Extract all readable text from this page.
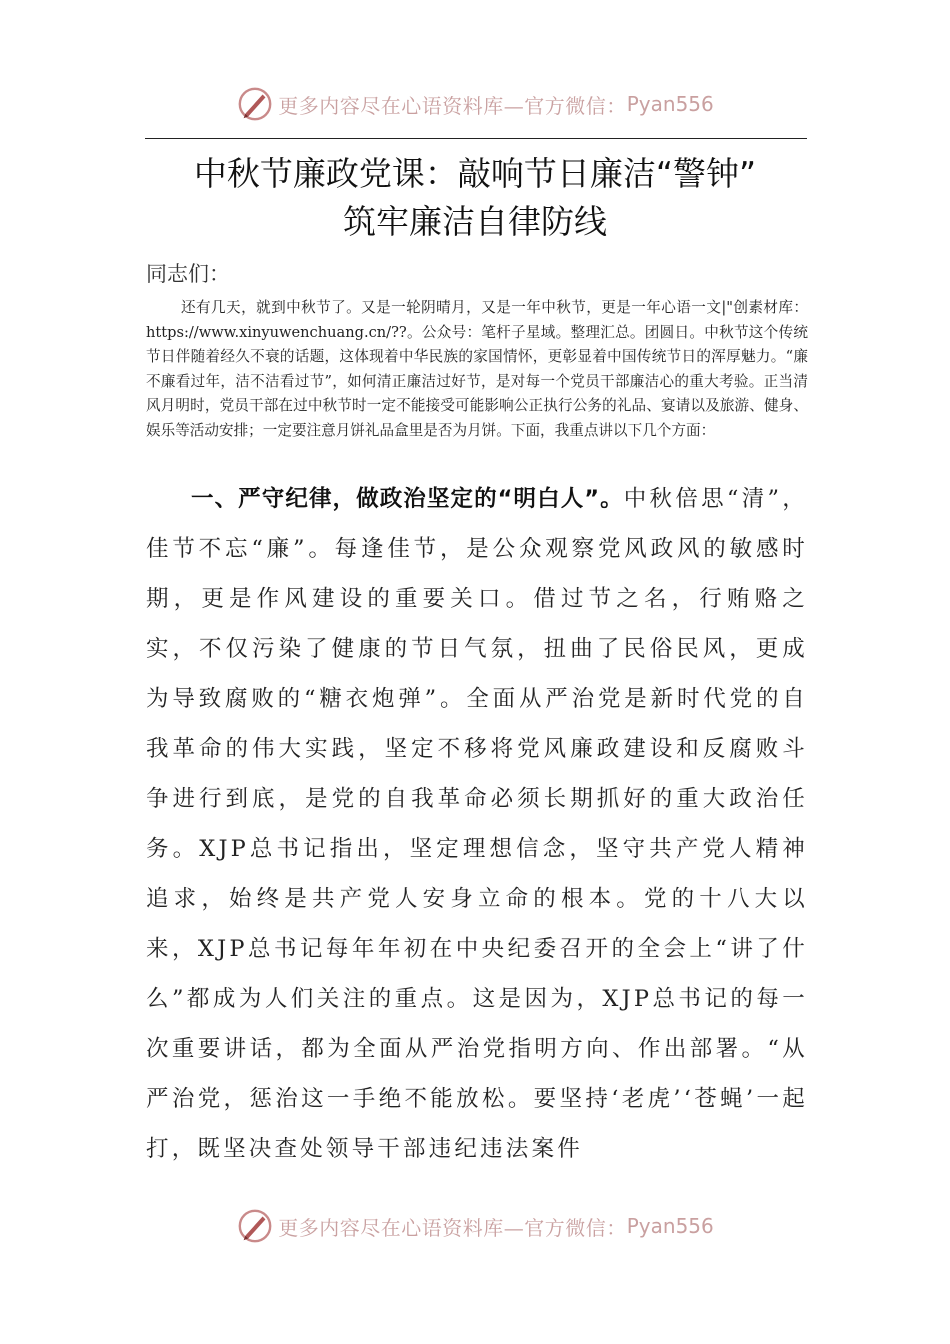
更多内容尽在心语资料库—官方微信： Pyan556
中秋节廉政党课：敲响节日廉洁“警钟”
筑牢廉洁自律防线
同志们：
还有几天，就到中秋节了。又是一轮阴晴月，又是一年中秋节，更是一年心语一文|"创素材库：https://www.xinyuwenchuang.cn/??。公众号：笔杆子星域。整理汇总。团圆日。中秋节这个传统节日伴随着经久不衰的话题，这体现着中华民族的家国情怀，更彰显着中国传统节日的浑厚魅力。“廉不廉看过年，洁不洁看过节”，如何清正廉洁过好节，是对每一个党员干部廉洁心的重大考验。正当清风月明时，党员干部在过中秋节时一定不能接受可能影响公正执行公务的礼品、宴请以及旅游、健身、娱乐等活动安排；一定要注意月饼礼品盒里是否为月饼。下面，我重点讲以下几个方面：
一、严守纪律，做政治坚定的“明白人”。中秋倍思“清”，佳节不忘“廉”。每逢佳节，是公众观察党风政风的敏感时期，更是作风建设的重要关口。借过节之名，行贿赂之实，不仅污染了健康的节日气氛，扭曲了民俗民风，更成为导致腐败的“糖衣炮弹”。全面从严治党是新时代党的自我革命的伟大实践，坚定不移将党风廉政建设和反腐败斗争进行到底，是党的自我革命必须长期抓好的重大政治任务。XJP总书记指出，坚定理想信念，坚守共产党人精神追求，始终是共产党人安身立命的根本。党的十八大以来，XJP总书记每年年初在中央纪委召开的全会上“讲了什么”都成为人们关注的重点。这是因为，XJP总书记的每一次重要讲话，都为全面从严治党指明方向、作出部署。“从严治党，惩治这一手绝不能放松。要坚持‘老虎’‘苍蝇’一起打，既坚决查处领导干部违纪违法案件
更多内容尽在心语资料库—官方微信： Pyan556
